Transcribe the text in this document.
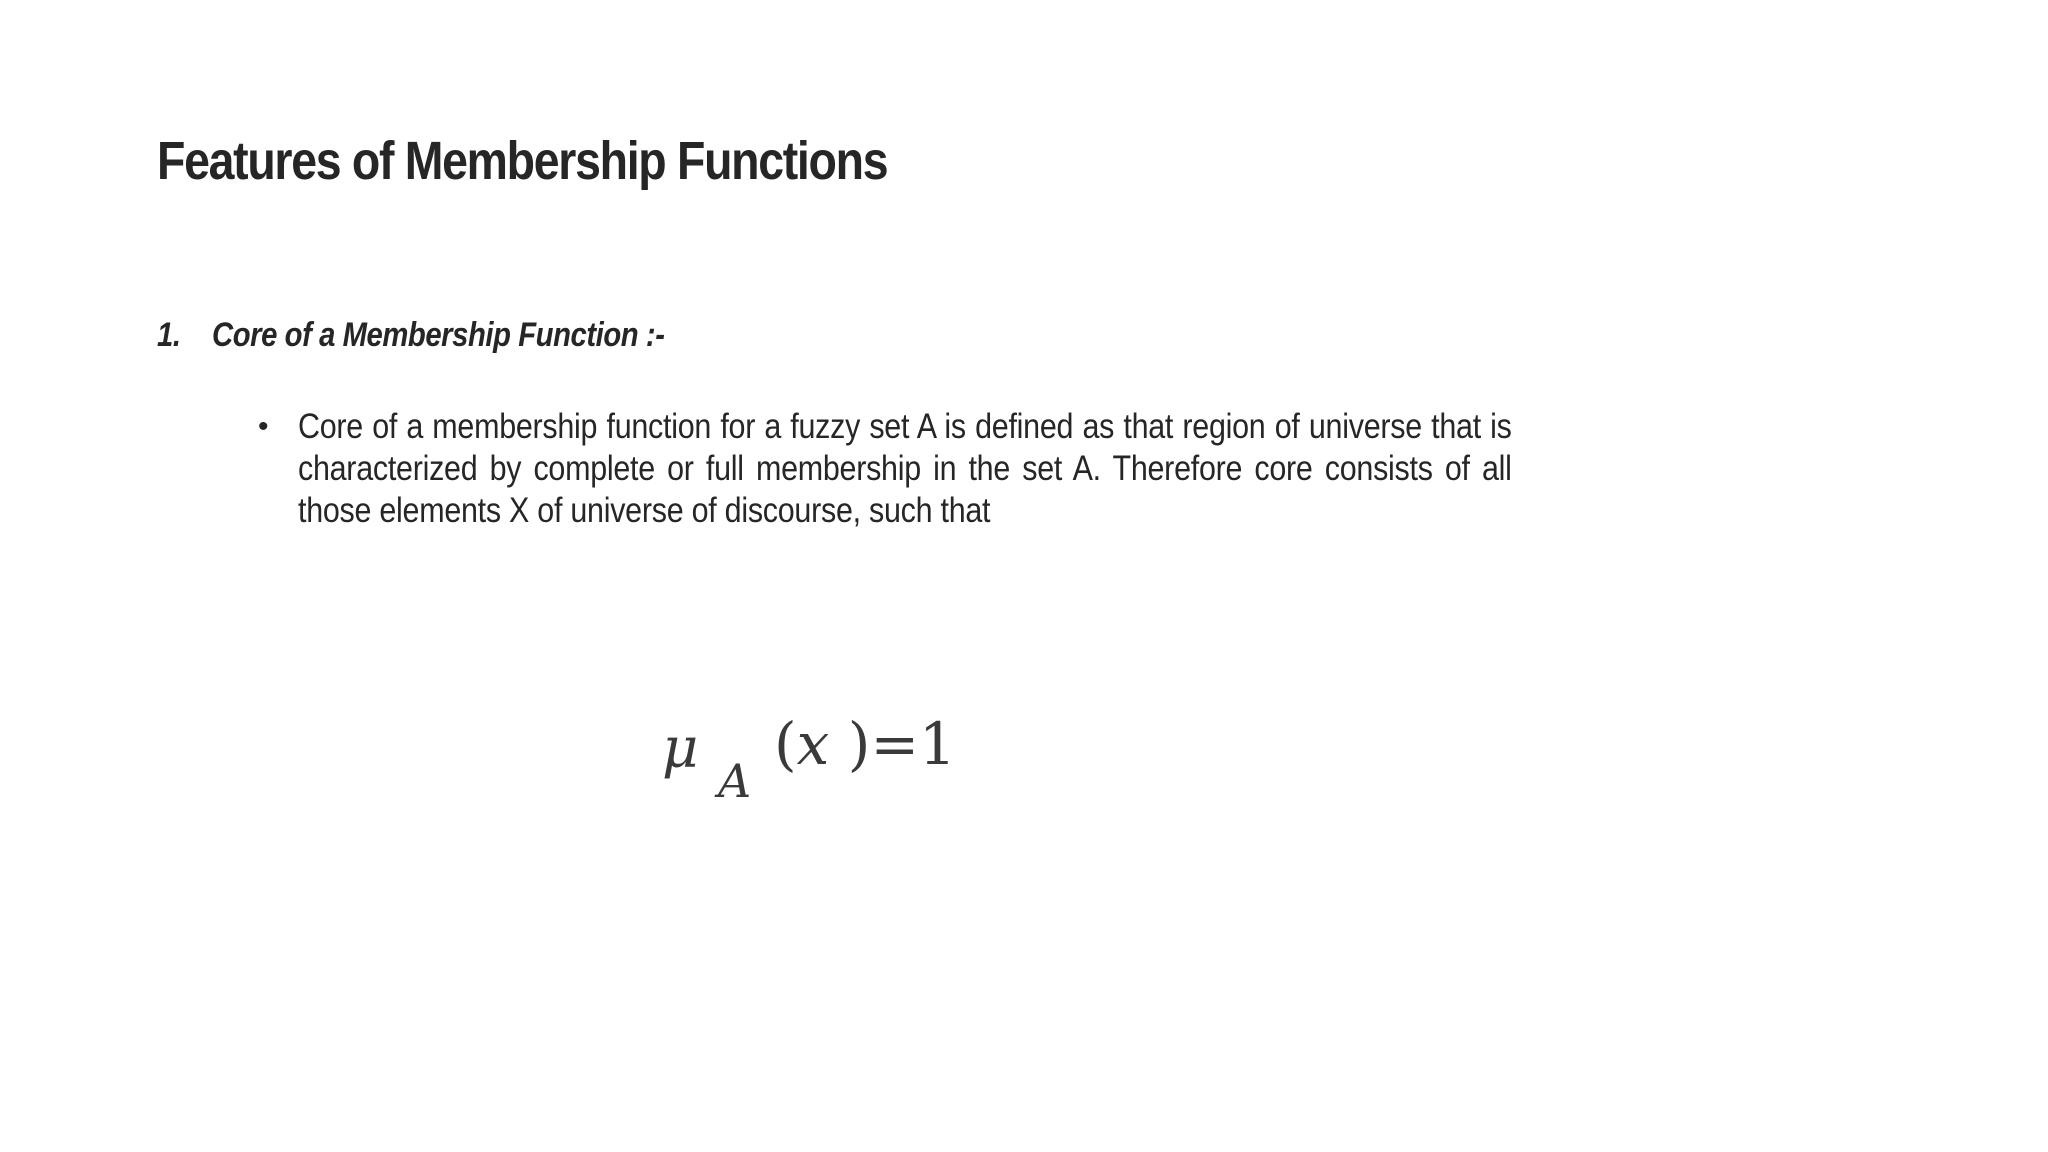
Features of Membership Functions
1. Core of a Membership Function :-
• Core of a membership function for a fuzzy set A is defined as that region of universe that is characterized by complete or full membership in the set A. Therefore core consists of all those elements X of universe of discourse, such that
μ A
(x )=1
